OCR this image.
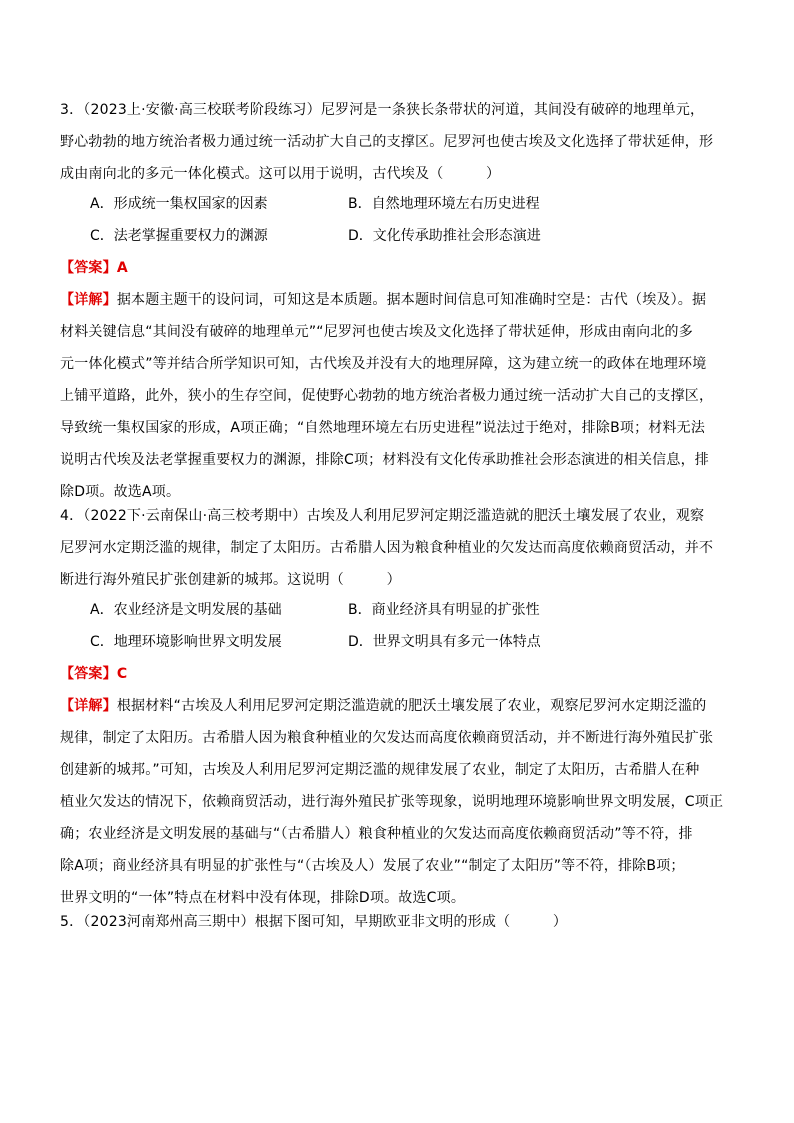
3．（2023上·安徽·高三校联考阶段练习）尼罗河是一条狭长条带状的河道，其间没有破碎的地理单元，
野心勃勃的地方统治者极力通过统一活动扩大自己的支撑区。尼罗河也使古埃及文化选择了带状延伸，形
成由南向北的多元一体化模式。这可以用于说明，古代埃及（　　　）
A．形成统一集权国家的因素	B．自然地理环境左右历史进程
C．法老掌握重要权力的渊源	D．文化传承助推社会形态演进
【答案】A
【详解】据本题主题干的设问词，可知这是本质题。据本题时间信息可知准确时空是：古代（埃及）。据
材料关键信息“其间没有破碎的地理单元”“尼罗河也使古埃及文化选择了带状延伸，形成由南向北的多
元一体化模式”等并结合所学知识可知，古代埃及并没有大的地理屏障，这为建立统一的政体在地理环境
上铺平道路，此外，狭小的生存空间，促使野心勃勃的地方统治者极力通过统一活动扩大自己的支撑区，
导致统一集权国家的形成，A项正确；“自然地理环境左右历史进程”说法过于绝对，排除B项；材料无法
说明古代埃及法老掌握重要权力的渊源，排除C项；材料没有文化传承助推社会形态演进的相关信息，排
除D项。故选A项。
4．（2022下·云南保山·高三校考期中）古埃及人利用尼罗河定期泛滥造就的肥沃土壤发展了农业，观察
尼罗河水定期泛滥的规律，制定了太阳历。古希腊人因为粮食种植业的欠发达而高度依赖商贸活动，并不
断进行海外殖民扩张创建新的城邦。这说明（　　　）
A．农业经济是文明发展的基础	B．商业经济具有明显的扩张性
C．地理环境影响世界文明发展	D．世界文明具有多元一体特点
【答案】C
【详解】根据材料“古埃及人利用尼罗河定期泛滥造就的肥沃土壤发展了农业，观察尼罗河水定期泛滥的
规律，制定了太阳历。古希腊人因为粮食种植业的欠发达而高度依赖商贸活动，并不断进行海外殖民扩张
创建新的城邦。”可知，古埃及人利用尼罗河定期泛滥的规律发展了农业，制定了太阳历，古希腊人在种
植业欠发达的情况下，依赖商贸活动，进行海外殖民扩张等现象，说明地理环境影响世界文明发展，C项正
确；农业经济是文明发展的基础与“（古希腊人）粮食种植业的欠发达而高度依赖商贸活动”等不符，排
除A项；商业经济具有明显的扩张性与“（古埃及人）发展了农业”“制定了太阳历”等不符，排除B项；
世界文明的“一体”特点在材料中没有体现，排除D项。故选C项。
5．（2023河南郑州高三期中）根据下图可知，早期欧亚非文明的形成（　　　）
